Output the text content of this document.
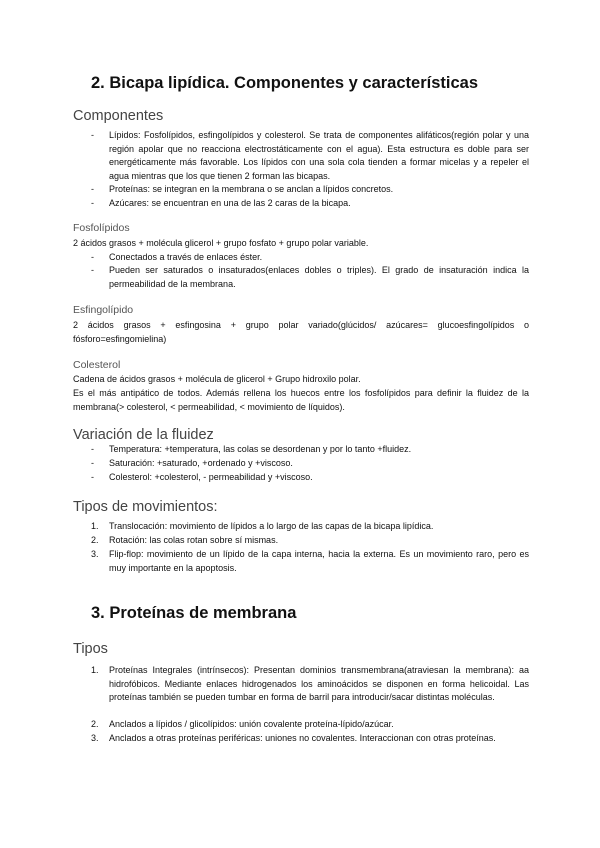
2. Bicapa lipídica. Componentes y características
Componentes
-	Lípidos: Fosfolípidos, esfingolípidos y colesterol. Se trata de componentes alifáticos(región polar y una región apolar que no reacciona electrostáticamente con el agua). Esta estructura es doble para ser energéticamente más favorable. Los lípidos con una sola cola tienden a formar micelas y a repeler el agua mientras que los que tienen 2 forman las bicapas.
-	Proteínas: se integran en la membrana o se anclan a lípidos concretos.
-	Azúcares: se encuentran en una de las 2 caras de la bicapa.
Fosfolípidos
2 ácidos grasos + molécula glicerol + grupo fosfato + grupo polar variable.
-	Conectados a través de enlaces éster.
-	Pueden ser saturados o insaturados(enlaces dobles o triples). El grado de insaturación indica la permeabilidad de la membrana.
Esfingolípido
2 ácidos grasos + esfingosina + grupo polar variado(glúcidos/ azúcares= glucoesfingolípidos o fósforo=esfingomielina)
Colesterol
Cadena de ácidos grasos + molécula de glicerol + Grupo hidroxilo polar.
Es el más antipático de todos. Además rellena los huecos entre los fosfolípidos para definir la fluidez de la membrana(> colesterol, < permeabilidad, < movimiento de líquidos).
Variación de la fluidez
-	Temperatura: +temperatura, las colas se desordenan y por lo tanto +fluidez.
-	Saturación: +saturado, +ordenado y +viscoso.
-	Colesterol: +colesterol, - permeabilidad y +viscoso.
Tipos de movimientos:
1.	Translocación: movimiento de lípidos a lo largo de las capas de la bicapa lipídica.
2.	Rotación: las colas rotan sobre sí mismas.
3.	Flip-flop: movimiento de un lípido de la capa interna, hacia la externa. Es un movimiento raro, pero es muy importante en la apoptosis.
3. Proteínas de membrana
Tipos
1.	Proteínas Integrales (intrínsecos): Presentan dominios transmembrana(atraviesan la membrana): aa hidrofóbicos. Mediante enlaces hidrogenados los aminoácidos se disponen en forma helicoidal. Las proteínas también se pueden tumbar en forma de barril para introducir/sacar distintas moléculas.
2.	Anclados a lípidos / glicolípidos: unión covalente proteína-lípido/azúcar.
3.	Anclados a otras proteínas periféricas: uniones no covalentes. Interaccionan con otras proteínas.
